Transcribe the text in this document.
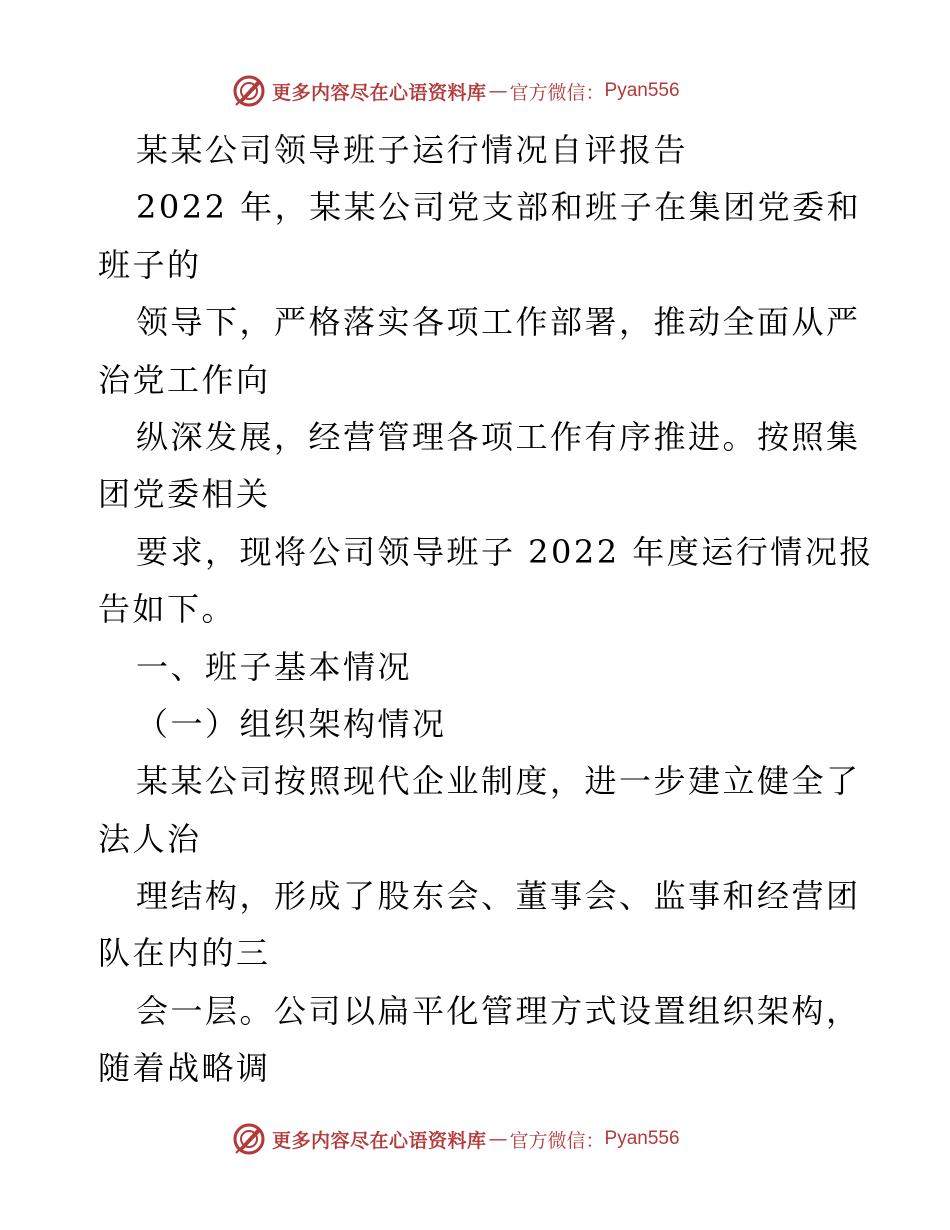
更多内容尽在心语资料库 — 官方微信： Pyan556
某某公司领导班子运行情况自评报告
2022 年，某某公司党支部和班子在集团党委和
班子的
领导下，严格落实各项工作部署，推动全面从严
治党工作向
纵深发展，经营管理各项工作有序推进。按照集
团党委相关
要求，现将公司领导班子 2022 年度运行情况报
告如下。
一、班子基本情况
（一）组织架构情况
某某公司按照现代企业制度，进一步建立健全了
法人治
理结构，形成了股东会、董事会、监事和经营团
队在内的三
会一层。公司以扁平化管理方式设置组织架构，
随着战略调
更多内容尽在心语资料库 — 官方微信： Pyan556
